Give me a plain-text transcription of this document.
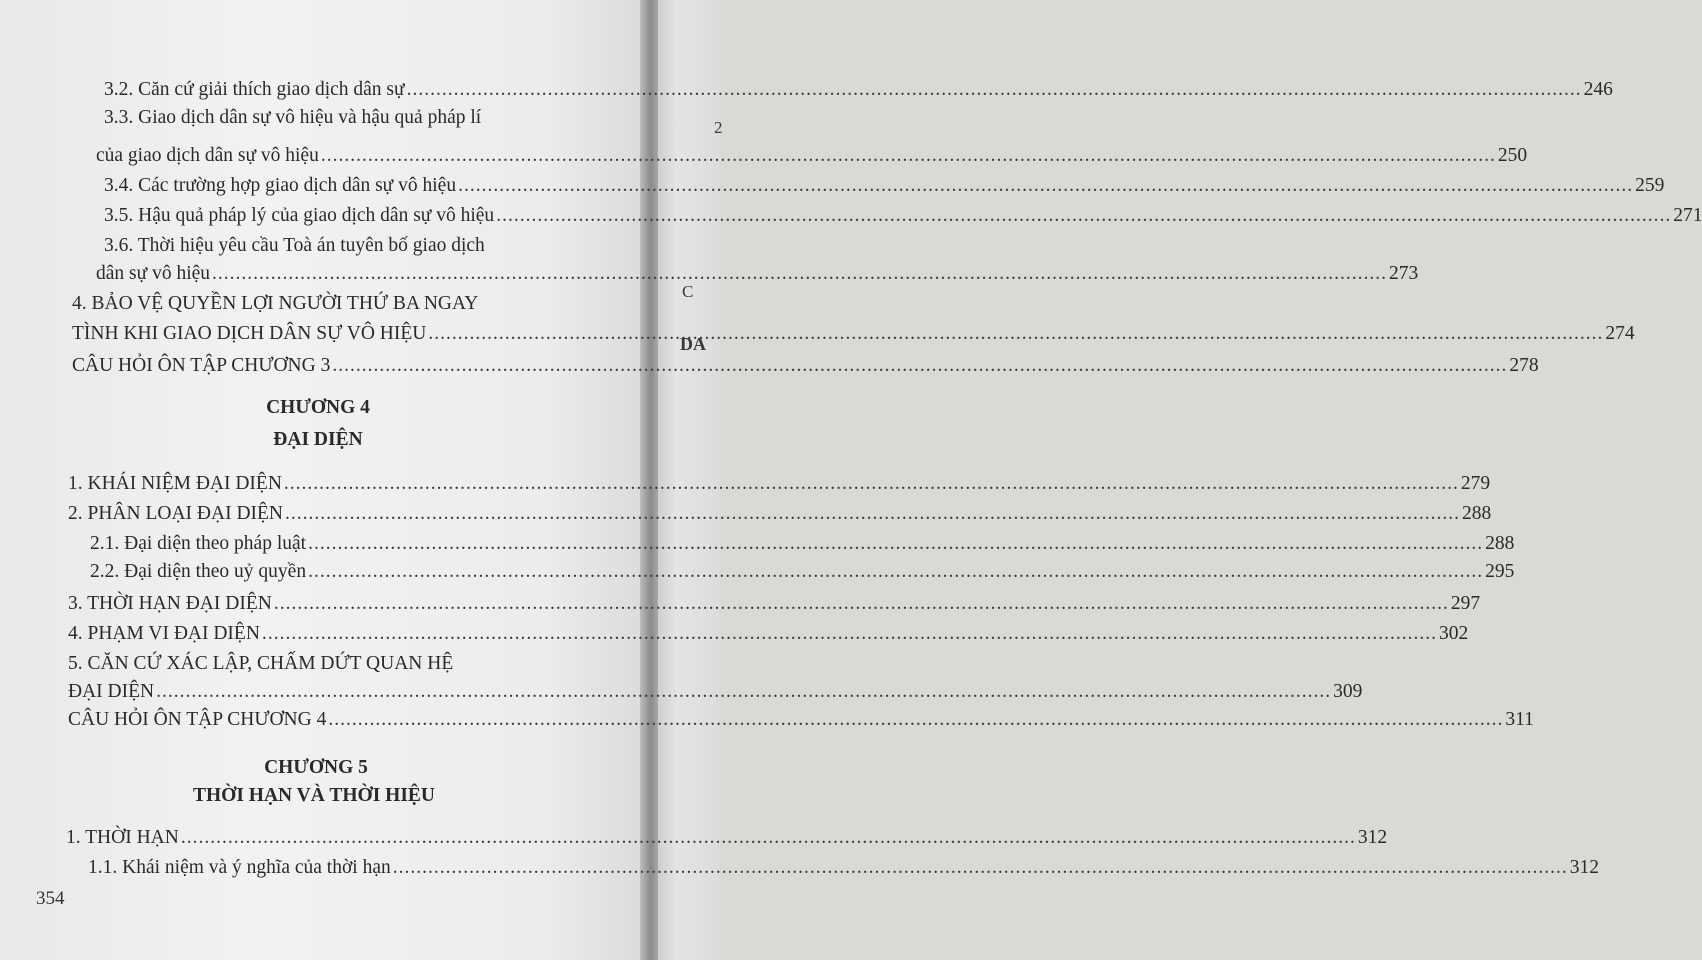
2
C
DA
3.2. Căn cứ giải thích giao dịch dân sự .....	246
3.3. Giao dịch dân sự vô hiệu và hậu quả pháp lí
của giao dịch dân sự vô hiệu .....	250
3.4. Các trường hợp giao dịch dân sự vô hiệu .....	259
3.5. Hậu quả pháp lý của giao dịch dân sự vô hiệu .....	271
3.6. Thời hiệu yêu cầu Toà án tuyên bố giao dịch
dân sự vô hiệu .....	273
4. BẢO VỆ QUYỀN LỢI NGƯỜI THỨ BA NGAY
TÌNH KHI GIAO DỊCH DÂN SỰ VÔ HIỆU .....	274
CÂU HỎI ÔN TẬP CHƯƠNG 3 .....	278
CHƯƠNG 4
ĐẠI DIỆN
1. KHÁI NIỆM ĐẠI DIỆN .....	279
2. PHÂN LOẠI ĐẠI DIỆN .....	288
2.1. Đại diện theo pháp luật .....	288
2.2. Đại diện theo uỷ quyền .....	295
3. THỜI HẠN ĐẠI DIỆN .....	297
4. PHẠM VI ĐẠI DIỆN .....	302
5. CĂN CỨ XÁC LẬP, CHẤM DỨT QUAN HỆ
ĐẠI DIỆN .....	309
CÂU HỎI ÔN TẬP CHƯƠNG 4 .....	311
CHƯƠNG 5
THỜI HẠN VÀ THỜI HIỆU
1. THỜI HẠN .....	312
1.1. Khái niệm và ý nghĩa của thời hạn .....	312
354
